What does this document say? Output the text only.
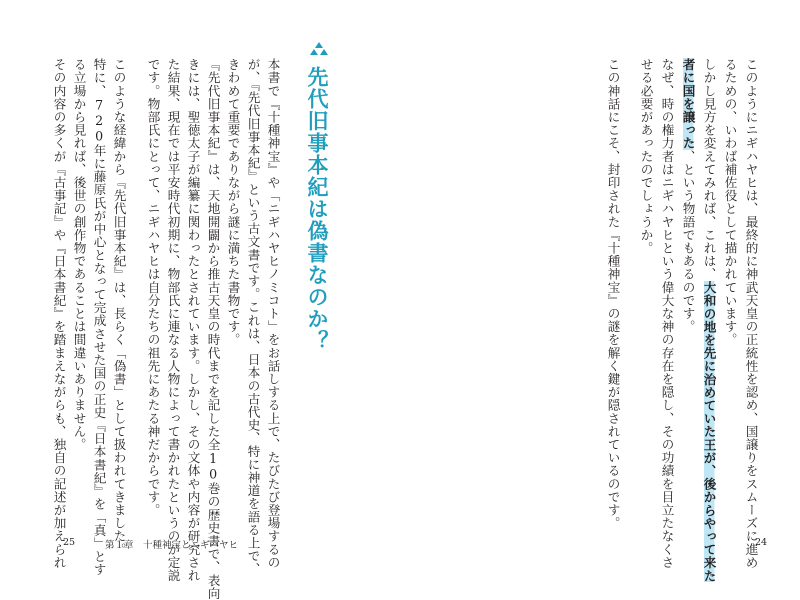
このようにニギハヤヒは、最終的に神武天皇の正統性を認め、国譲りをスムーズに進め
るための、いわば補佐役として描かれています。
しかし見方を変えてみれば、これは、大和の地を先に治めていた王が、後からやって来た
者に国を譲った、という物語でもあるのです。
なぜ、時の権力者はニギハヤヒという偉大な神の存在を隠し、その功績を目立たなくさ
せる必要があったのでしょうか。
この神話にこそ、封印された『十種神宝』の謎を解く鍵が隠されているのです。
24
先代旧事本紀は偽書なのか？
本書で『十種神宝』や「ニギハヤヒノミコト」をお話しする上で、たびたび登場するの
が、『先代旧事本紀』という古文書です。これは、日本の古代史、特に神道を語る上で、
きわめて重要でありながら謎に満ちた書物です。
『先代旧事本紀』は、天地開闢から推古天皇の時代までを記した全10巻の歴史書で、表向
きには、聖徳太子が編纂に関わったとされています。しかし、その文体や内容が研究され
た結果、現在では平安時代初期に、物部氏に連なる人物によって書かれたというのが定説
です。物部氏にとって、ニギハヤヒは自分たちの祖先にあたる神だからです。
このような経緯から『先代旧事本紀』は、長らく「偽書」として扱われてきました。
特に、720年に藤原氏が中心となって完成させた国の正史『日本書紀』を「真」とす
る立場から見れば、後世の創作物であることは間違いありません。
その内容の多くが『古事記』や『日本書紀』を踏まえながらも、独自の記述が加えられ
25	第１章　十種神宝とニギハヤヒ
